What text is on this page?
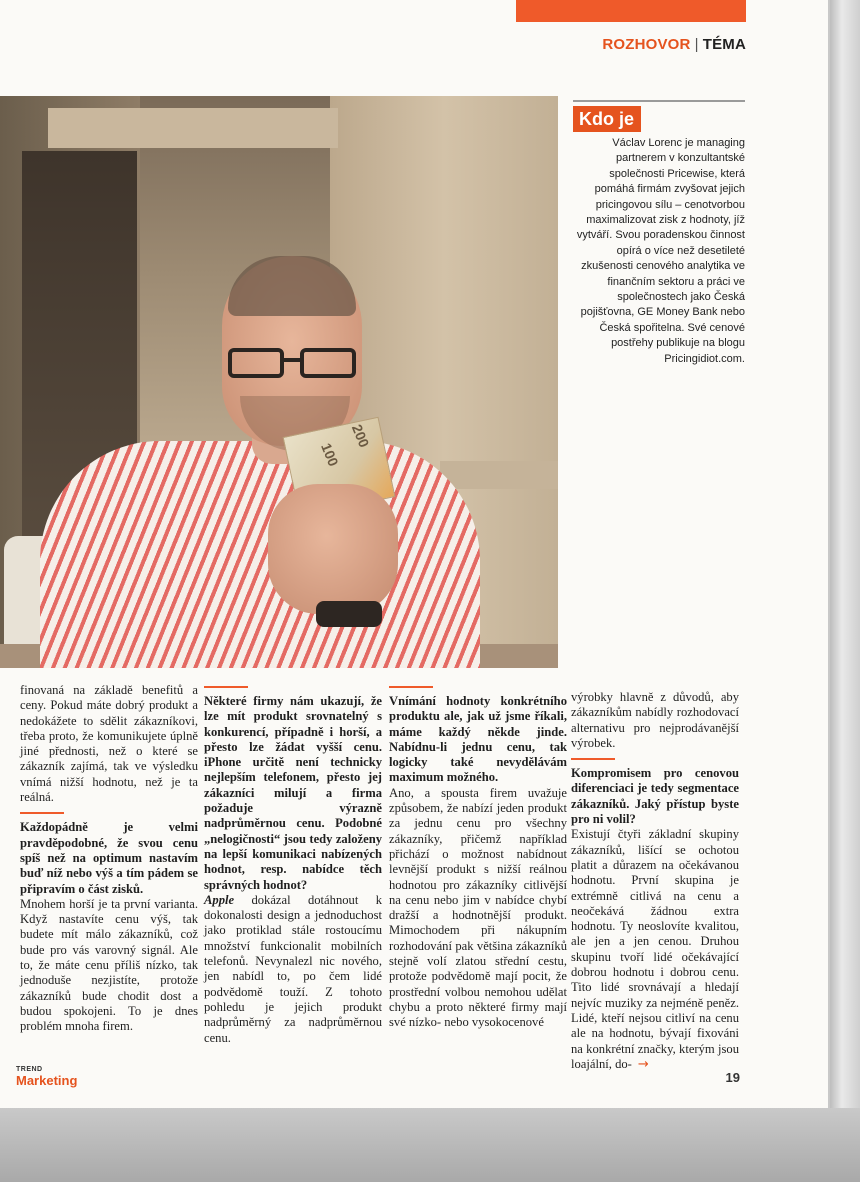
ROZHOVOR | TÉMA
100
200
Kdo je
Václav Lorenc je managing partnerem v konzultantské společnosti Pricewise, která pomáhá firmám zvyšovat jejich pricingovou sílu – cenotvorbou maximalizovat zisk z hodnoty, jíž vytváří. Svou poradenskou činnost opírá o více než desetileté zkušenosti cenového analytika ve finančním sektoru a práci ve společnostech jako Česká pojišťovna, GE Money Bank nebo Česká spořitelna. Své cenové postřehy publikuje na blogu Pricingidiot.com.

finovaná na základě benefitů a ceny. Pokud máte dobrý produkt a nedokážete to sdělit zákazníkovi, třeba proto, že komunikujete úplně jiné přednosti, než o které se zákazník zajímá, tak ve výsledku vnímá nižší hodnotu, než je ta reálná.

Každopádně je velmi pravděpodobné, že svou cenu spíš než na optimum nastavím buď níž nebo výš a tím pádem se připravím o část zisků.

Mnohem horší je ta první varianta. Když nastavíte cenu výš, tak budete mít málo zákazníků, což bude pro vás varovný signál. Ale to, že máte cenu příliš nízko, tak jednoduše nezjistíte, protože zákazníků bude chodit dost a budou spokojeni. To je dnes problém mnoha firem.

Některé firmy nám ukazují, že lze mít produkt srovnatelný s konkurencí, případně i horší, a přesto lze žádat vyšší cenu. iPhone určitě není technicky nejlepším telefonem, přesto jej zákazníci milují a firma požaduje výrazně nadprůměrnou cenu. Podobné „nelogičnosti“ jsou tedy založeny na lepší komunikaci nabízených hodnot, resp. nabídce těch správných hodnot?

Apple dokázal dotáhnout k dokonalosti design a jednoduchost jako protiklad stále rostoucímu množství funkcionalit mobilních telefonů. Nevynalezl nic nového, jen nabídl to, po čem lidé podvědomě touží. Z tohoto pohledu je jejich produkt nadprůměrný za nadprůměrnou cenu.

Vnímání hodnoty konkrétního produktu ale, jak už jsme říkali, máme každý někde jinde. Nabídnu-li jednu cenu, tak logicky také nevydělávám maximum možného.

Ano, a spousta firem uvažuje způsobem, že nabízí jeden produkt za jednu cenu pro všechny zákazníky, přičemž například přichází o možnost nabídnout levnější produkt s nižší reálnou hodnotou pro zákazníky citlivější na cenu nebo jim v nabídce chybí dražší a hodnotnější produkt. Mimochodem při nákupním rozhodování pak většina zákazníků stejně volí zlatou střední cestu, protože podvědomě mají pocit, že prostřední volbou nemohou udělat chybu a proto některé firmy mají své nízko- nebo vysokocenové

výrobky hlavně z důvodů, aby zákazníkům nabídly rozhodovací alternativu pro nejprodávanější výrobek.

Kompromisem pro cenovou diferenciaci je tedy segmentace zákazníků. Jaký přístup byste pro ni volil?

Existují čtyři základní skupiny zákazníků, lišící se ochotou platit a důrazem na očekávanou hodnotu. První skupina je extrémně citlivá na cenu a neočekává žádnou extra hodnotu. Ty neoslovíte kvalitou, ale jen a jen cenou. Druhou skupinu tvoří lidé očekávající dobrou hodnotu i dobrou cenu. Tito lidé srovnávají a hledají nejvíc muziky za nejméně peněz. Lidé, kteří nejsou citliví na cenu ale na hodnotu, bývají fixováni na konkrétní značky, kterým jsou loajální, do- →

TREND
Marketing	19
